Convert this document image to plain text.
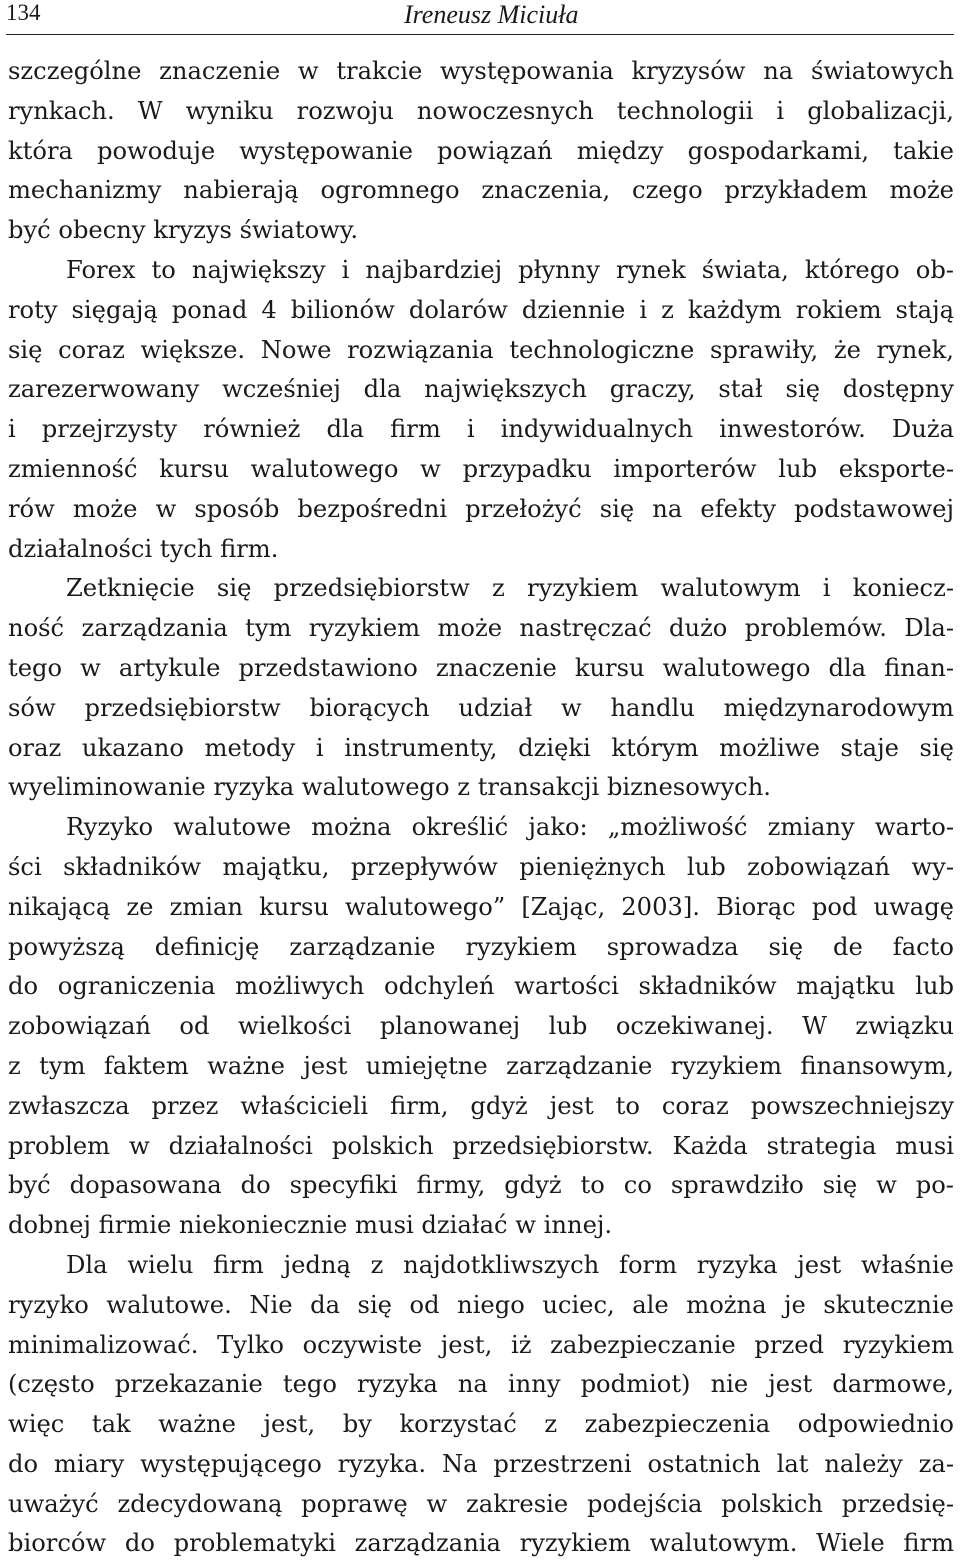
134	Ireneusz Miciuła
szczególne znaczenie w trakcie występowania kryzysów na światowych
rynkach. W wyniku rozwoju nowoczesnych technologii i globalizacji,
która powoduje występowanie powiązań między gospodarkami, takie
mechanizmy nabierają ogromnego znaczenia, czego przykładem może
być obecny kryzys światowy.
Forex to największy i najbardziej płynny rynek świata, którego ob-
roty sięgają ponad 4 bilionów dolarów dziennie i z każdym rokiem stają
się coraz większe. Nowe rozwiązania technologiczne sprawiły, że rynek,
zarezerwowany wcześniej dla największych graczy, stał się dostępny
i przejrzysty również dla firm i indywidualnych inwestorów. Duża
zmienność kursu walutowego w przypadku importerów lub eksporte-
rów może w sposób bezpośredni przełożyć się na efekty podstawowej
działalności tych firm.
Zetknięcie się przedsiębiorstw z ryzykiem walutowym i koniecz-
ność zarządzania tym ryzykiem może nastręczać dużo problemów. Dla-
tego w artykule przedstawiono znaczenie kursu walutowego dla finan-
sów przedsiębiorstw biorących udział w handlu międzynarodowym
oraz ukazano metody i instrumenty, dzięki którym możliwe staje się
wyeliminowanie ryzyka walutowego z transakcji biznesowych.
Ryzyko walutowe można określić jako: „możliwość zmiany warto-
ści składników majątku, przepływów pieniężnych lub zobowiązań wy-
nikającą ze zmian kursu walutowego” [Zając, 2003]. Biorąc pod uwagę
powyższą definicję zarządzanie ryzykiem sprowadza się de facto
do ograniczenia możliwych odchyleń wartości składników majątku lub
zobowiązań od wielkości planowanej lub oczekiwanej. W związku
z tym faktem ważne jest umiejętne zarządzanie ryzykiem finansowym,
zwłaszcza przez właścicieli firm, gdyż jest to coraz powszechniejszy
problem w działalności polskich przedsiębiorstw. Każda strategia musi
być dopasowana do specyfiki firmy, gdyż to co sprawdziło się w po-
dobnej firmie niekoniecznie musi działać w innej.
Dla wielu firm jedną z najdotkliwszych form ryzyka jest właśnie
ryzyko walutowe. Nie da się od niego uciec, ale można je skutecznie
minimalizować. Tylko oczywiste jest, iż zabezpieczanie przed ryzykiem
(często przekazanie tego ryzyka na inny podmiot) nie jest darmowe,
więc tak ważne jest, by korzystać z zabezpieczenia odpowiednio
do miary występującego ryzyka. Na przestrzeni ostatnich lat należy za-
uważyć zdecydowaną poprawę w zakresie podejścia polskich przedsię-
biorców do problematyki zarządzania ryzykiem walutowym. Wiele firm
